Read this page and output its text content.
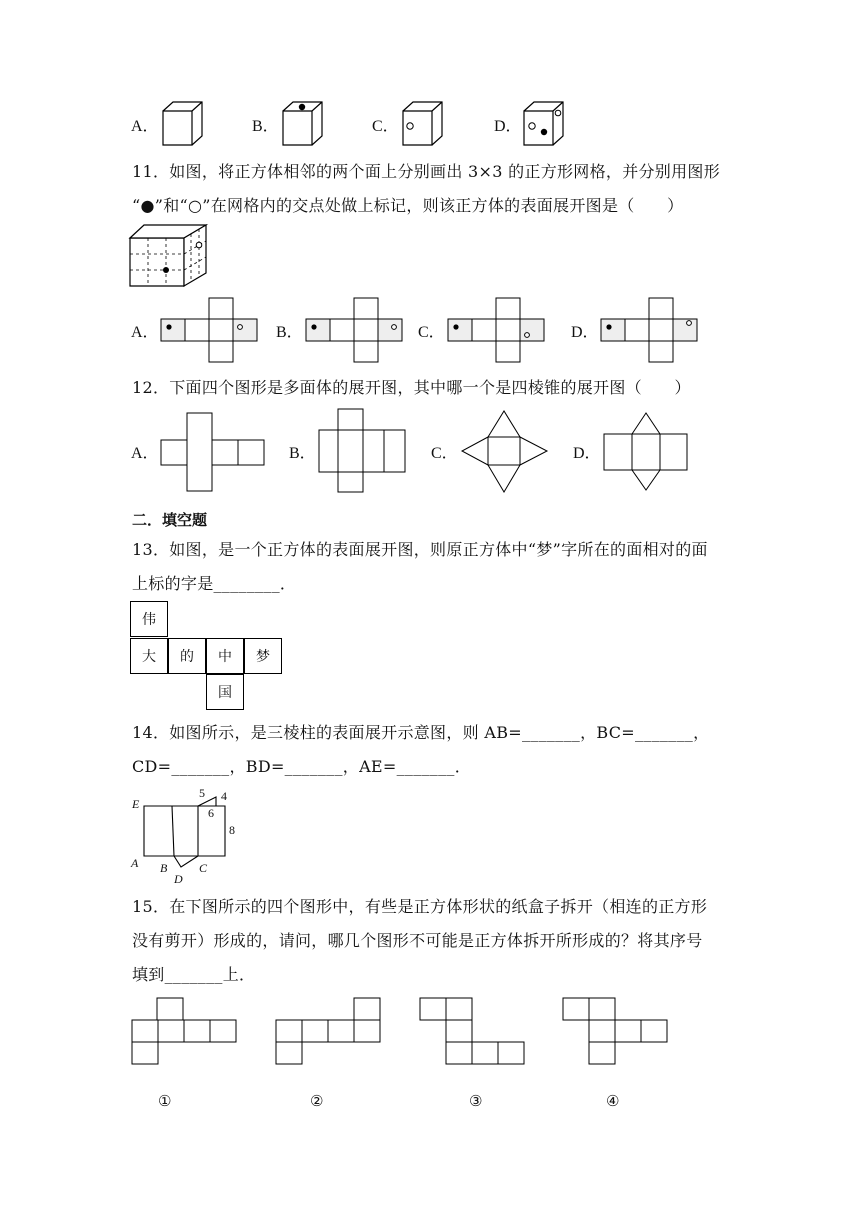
A．	B．	C．	D．
11．如图，将正方体相邻的两个面上分别画出 3×3 的正方形网格，并分别用图形
“●”和“○”在网格内的交点处做上标记，则该正方体的表面展开图是（　　）
A．	B．	C．	D．
12．下面四个图形是多面体的展开图，其中哪一个是四棱锥的展开图（　　）
A．	B．	C．	D．
二．填空题
13．如图，是一个正方体的表面展开图，则原正方体中“梦”字所在的面相对的面
上标的字是________．
伟
大	的	中	梦
国
14．如图所示，是三棱柱的表面展开示意图，则 AB=_______，BC=_______，
CD=_______，BD=_______，AE=_______．
E
A B
D
C
5 4
6
8
15．在下图所示的四个图形中，有些是正方体形状的纸盒子拆开（相连的正方形
没有剪开）形成的，请问，哪几个图形不可能是正方体拆开所形成的？将其序号
填到_______上．
①	②	③	④
